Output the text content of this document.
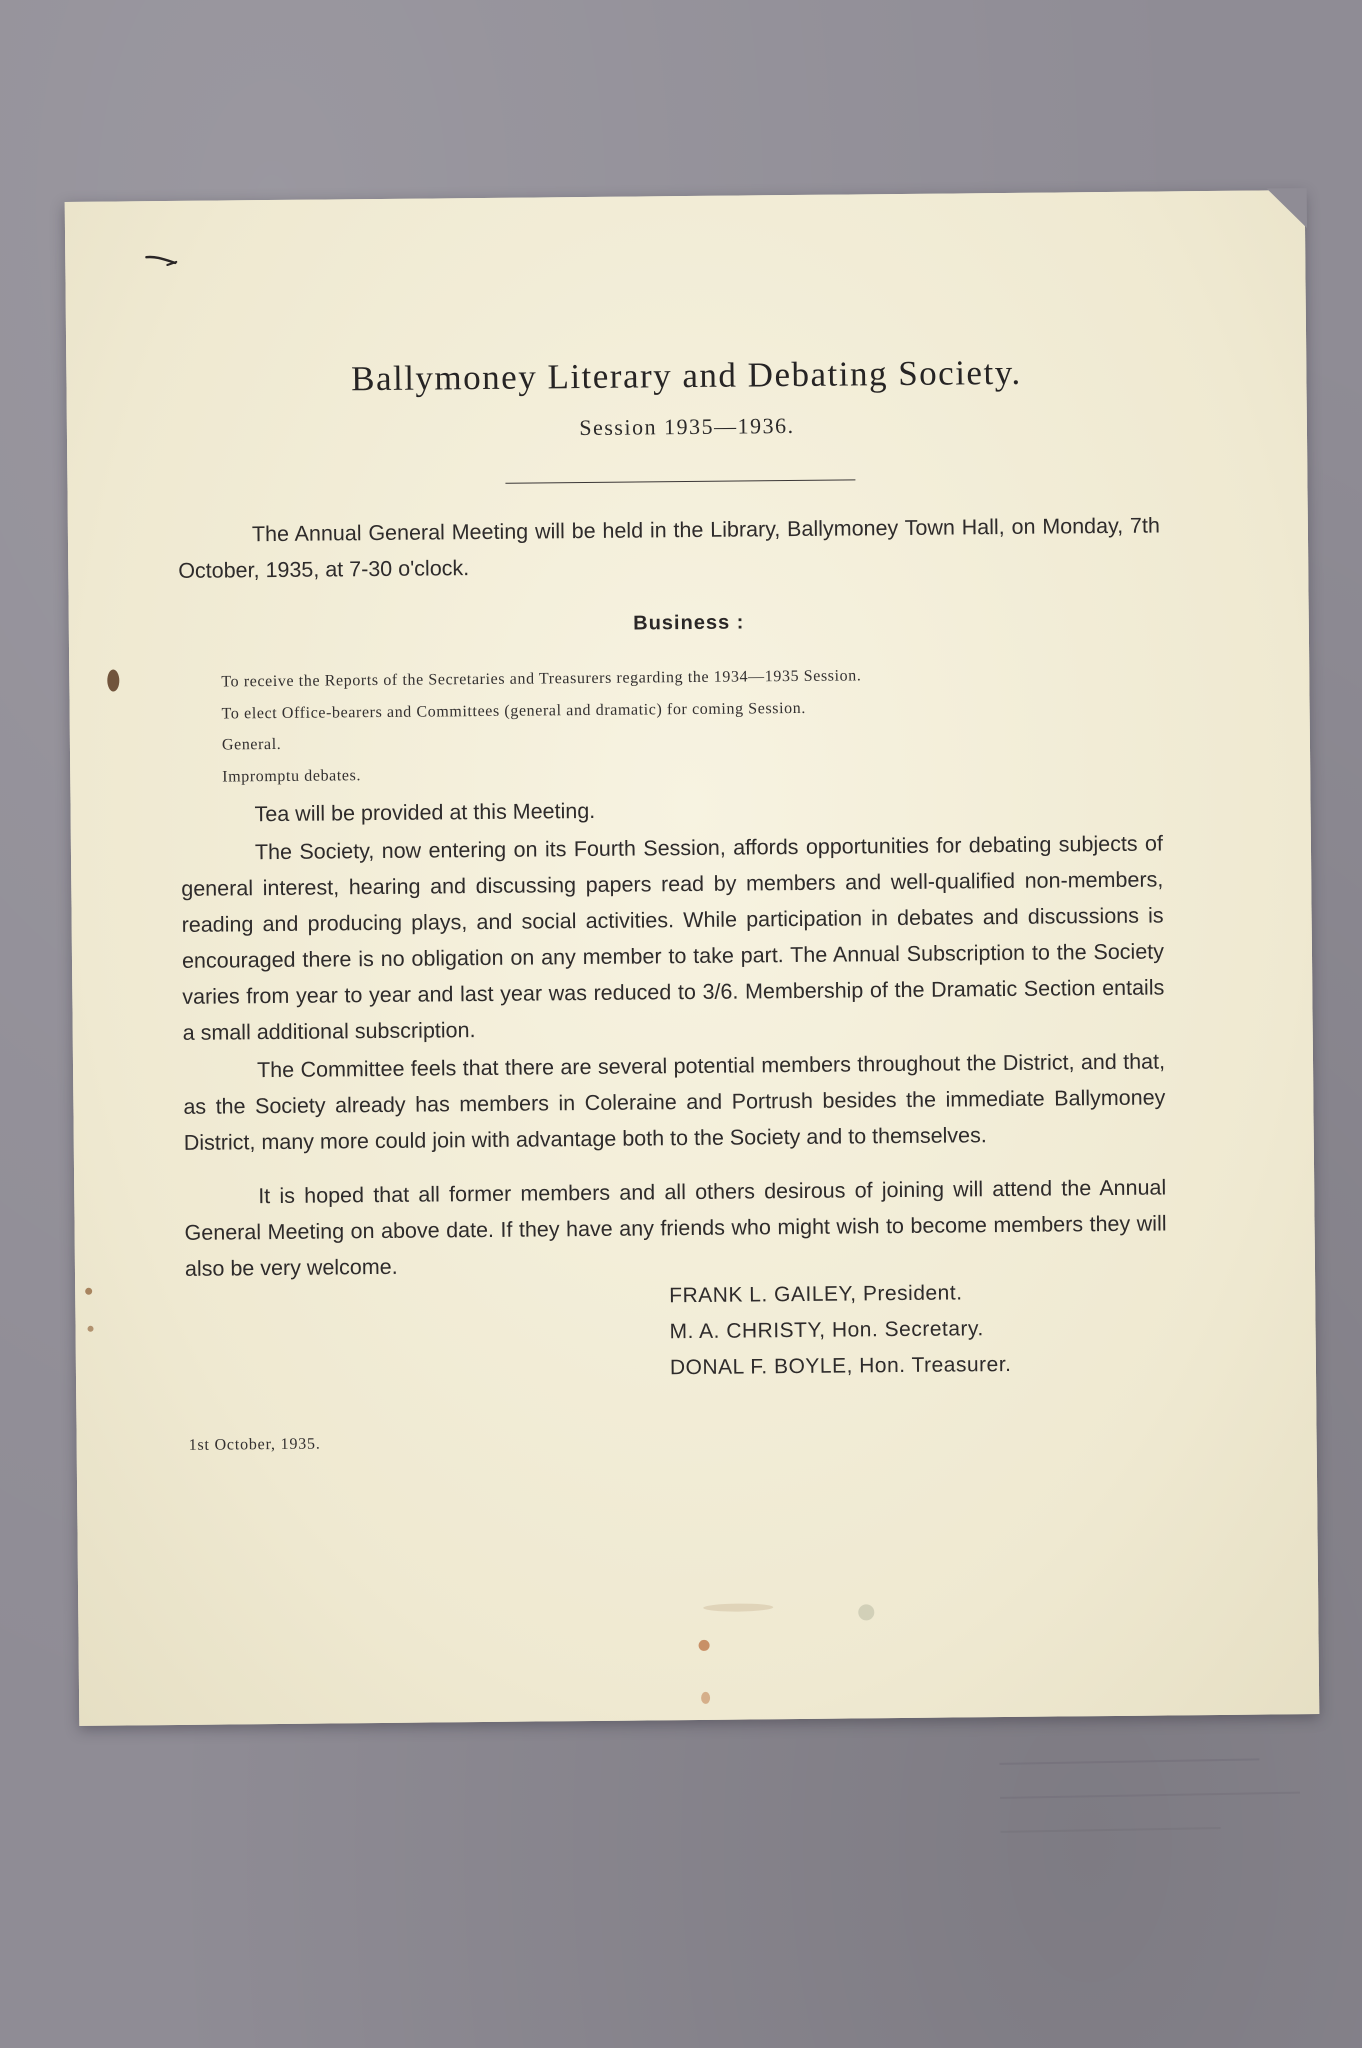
Ballymoney Literary and Debating Society.
Session 1935—1936.
The Annual General Meeting will be held in the Library, Ballymoney Town Hall, on Monday, 7th October, 1935, at 7-30 o'clock.
Business :
To receive the Reports of the Secretaries and Treasurers regarding the 1934—1935 Session.
To elect Office-bearers and Committees (general and dramatic) for coming Session.
General.
Impromptu debates.
Tea will be provided at this Meeting.
The Society, now entering on its Fourth Session, affords opportunities for debating subjects of general interest, hearing and discussing papers read by members and well-qualified non-members, reading and producing plays, and social activities. While participation in debates and discussions is encouraged there is no obligation on any member to take part. The Annual Subscription to the Society varies from year to year and last year was reduced to 3/6. Membership of the Dramatic Section entails a small additional subscription.
The Committee feels that there are several potential members throughout the District, and that, as the Society already has members in Coleraine and Portrush besides the immediate Ballymoney District, many more could join with advantage both to the Society and to themselves.
It is hoped that all former members and all others desirous of joining will attend the Annual General Meeting on above date. If they have any friends who might wish to become members they will also be very welcome.
FRANK L. GAILEY, President.
M. A. CHRISTY, Hon. Secretary.
DONAL F. BOYLE, Hon. Treasurer.
1st October, 1935.
